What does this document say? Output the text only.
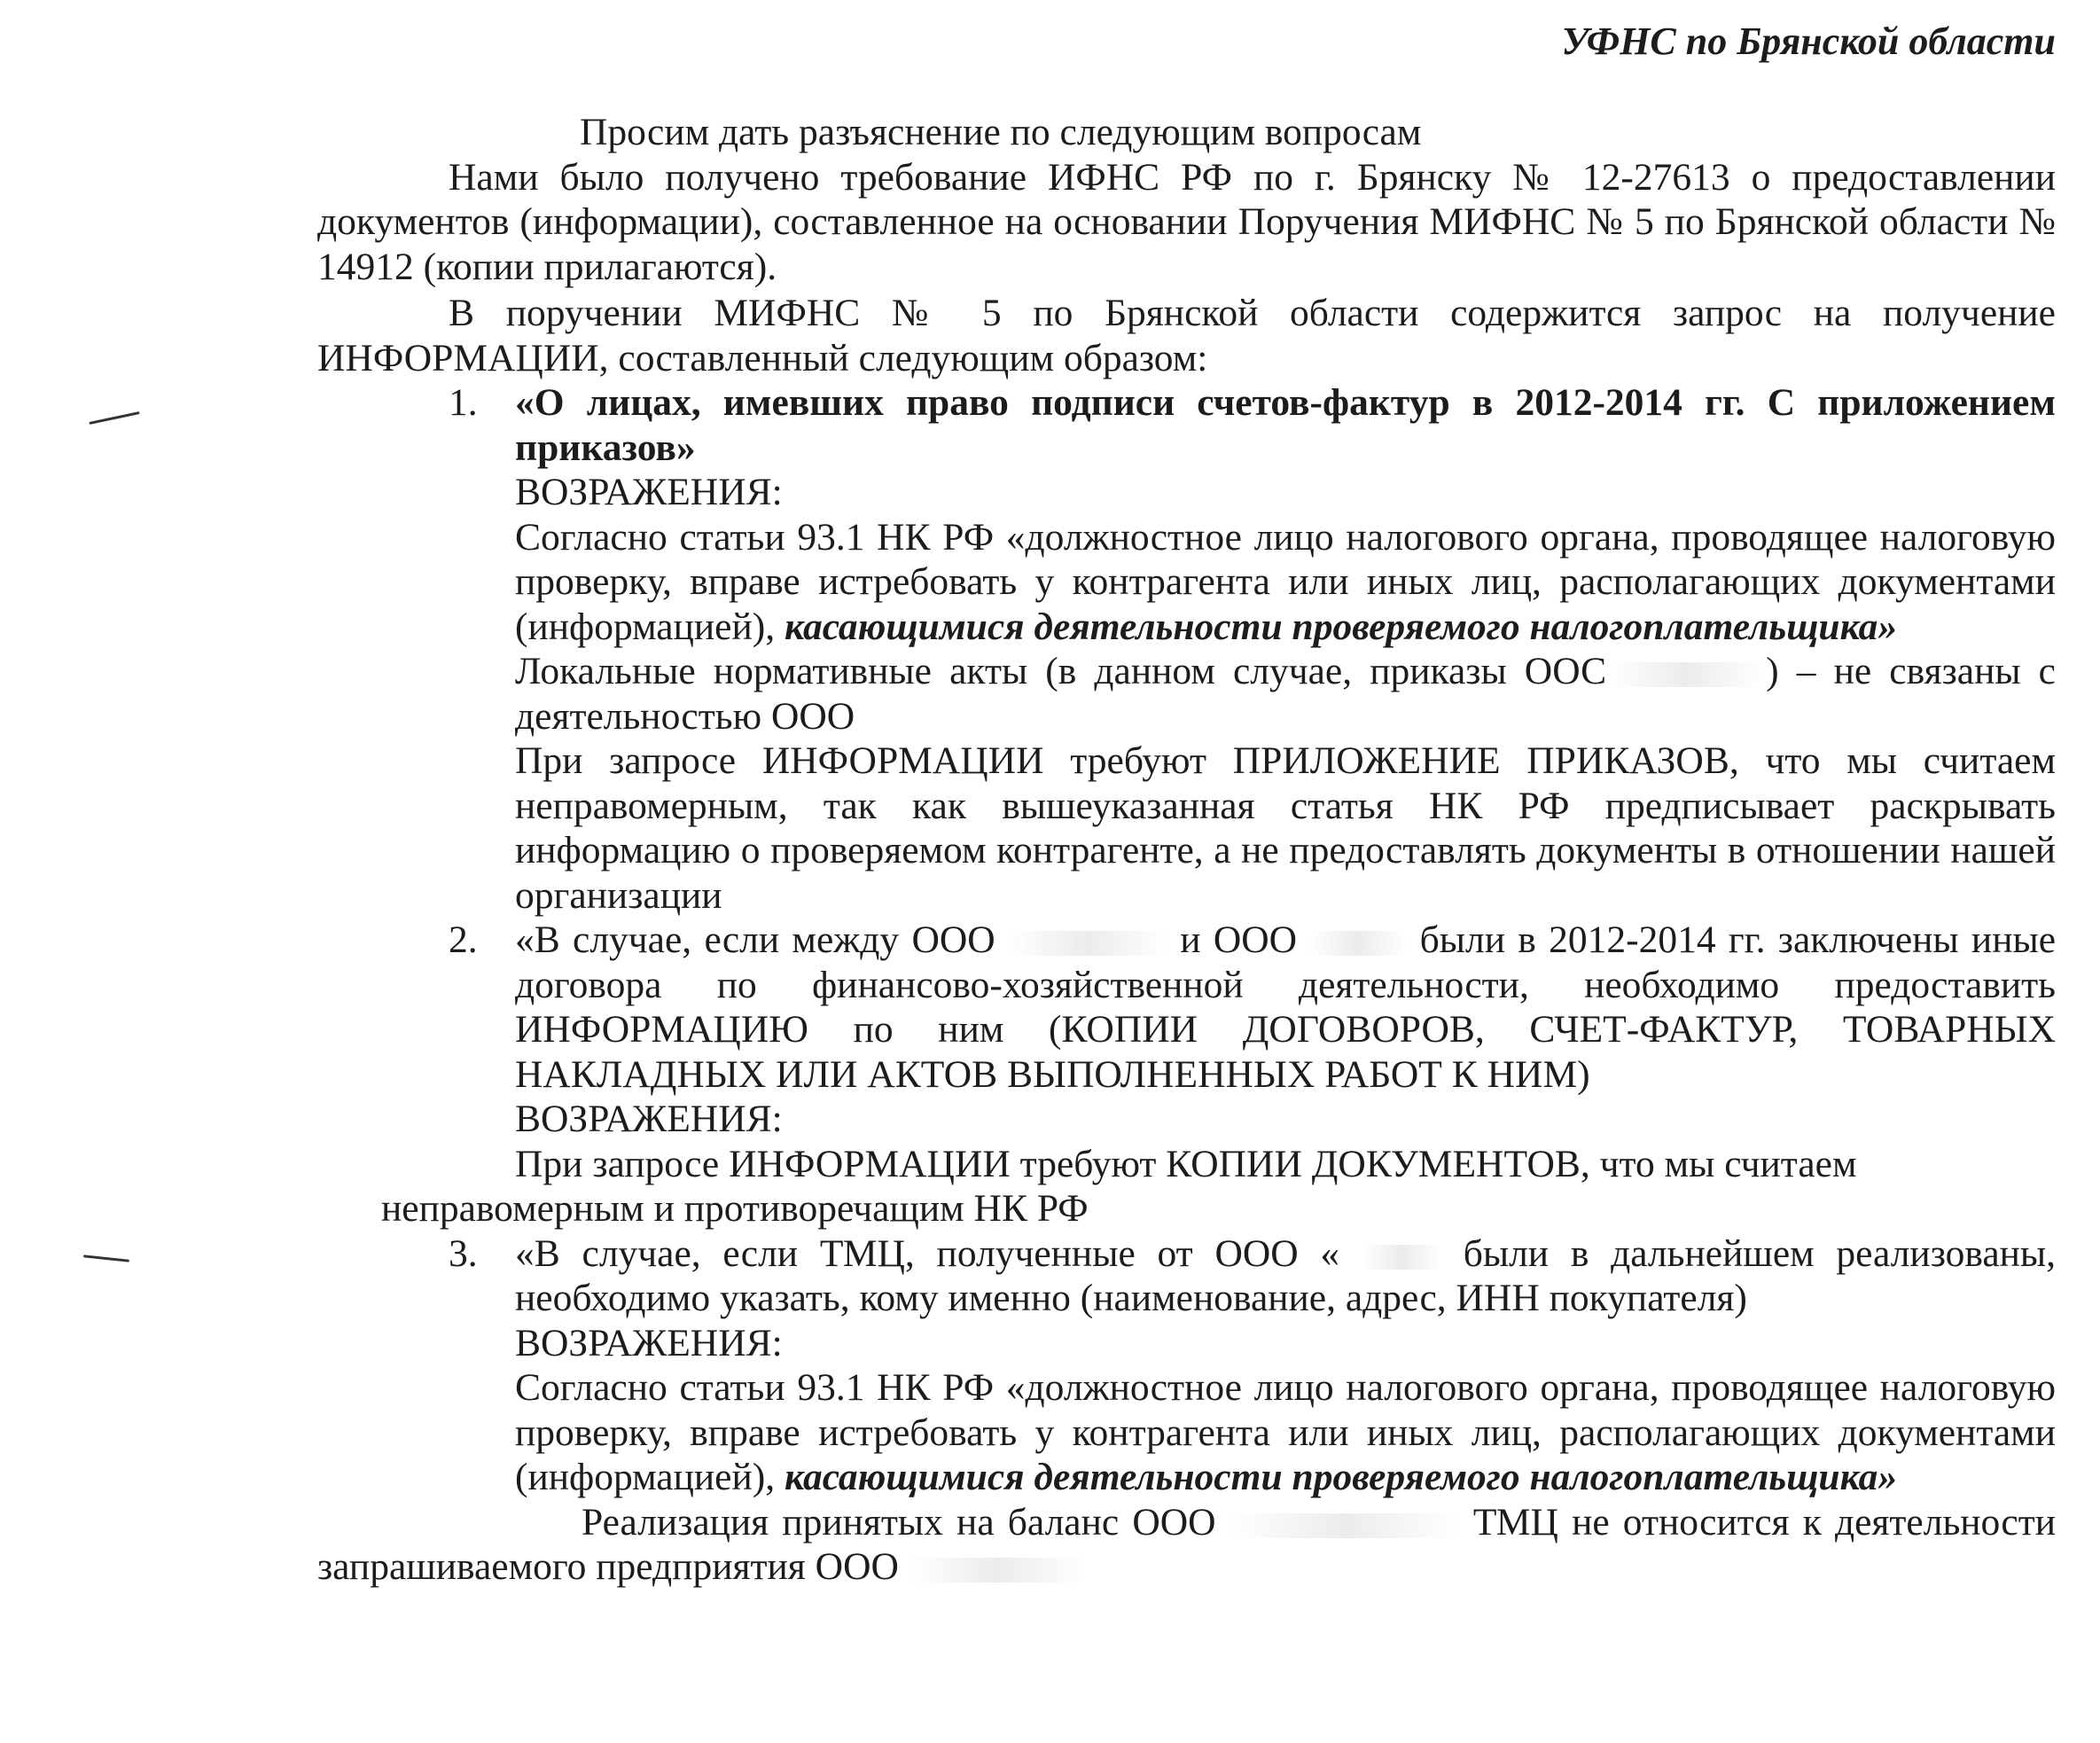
УФНС по Брянской области

Просим дать разъяснение по следующим вопросам

Нами было получено требование ИФНС РФ по г. Брянску № 12-27613 о предоставлении документов (информации), составленное на основании Поручения МИФНС № 5 по Брянской области № 14912 (копии прилагаются).

В поручении МИФНС № 5 по Брянской области содержится запрос на получение ИНФОРМАЦИИ, составленный следующим образом:

1. «О лицах, имевших право подписи счетов-фактур в 2012-2014 гг. С приложением приказов»

ВОЗРАЖЕНИЯ:

Согласно статьи 93.1 НК РФ «должностное лицо налогового органа, проводящее налоговую проверку, вправе истребовать у контрагента или иных лиц, располагающих документами (информацией), касающимися деятельности проверяемого налогоплательщика»

Локальные нормативные акты (в данном случае, приказы ООС	) – не связаны с деятельностью ООО

При запросе ИНФОРМАЦИИ требуют ПРИЛОЖЕНИЕ ПРИКАЗОВ, что мы считаем неправомерным, так как вышеуказанная статья НК РФ предписывает раскрывать информацию о проверяемом контрагенте, а не предоставлять документы в отношении нашей организации

2. «В случае, если между ООО	и ООО	были в 2012-2014 гг. заключены иные договора по финансово-хозяйственной деятельности, необходимо предоставить ИНФОРМАЦИЮ по ним (КОПИИ ДОГОВОРОВ, СЧЕТ-ФАКТУР, ТОВАРНЫХ НАКЛАДНЫХ ИЛИ АКТОВ ВЫПОЛНЕННЫХ РАБОТ К НИМ)

ВОЗРАЖЕНИЯ:

При запросе ИНФОРМАЦИИ требуют КОПИИ ДОКУМЕНТОВ, что мы считаем

неправомерным и противоречащим НК РФ

3. «В случае, если ТМЦ, полученные от ООО «	были в дальнейшем реализованы, необходимо указать, кому именно (наименование, адрес, ИНН покупателя)

ВОЗРАЖЕНИЯ:

Согласно статьи 93.1 НК РФ «должностное лицо налогового органа, проводящее налоговую проверку, вправе истребовать у контрагента или иных лиц, располагающих документами (информацией), касающимися деятельности проверяемого налогоплательщика»

Реализация принятых на баланс ООО	ТМЦ не относится к деятельности запрашиваемого предприятия ООО
